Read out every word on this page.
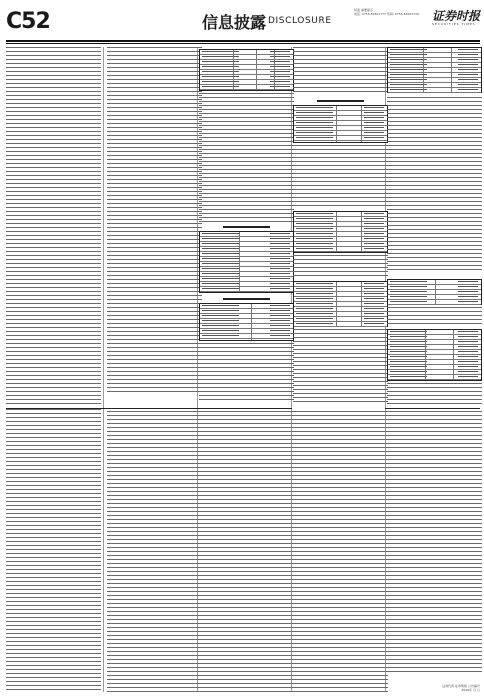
C52	信息披露 DISCLOSURE
版面 重要提示
电话: 0755-83501777 传真: 0755-83501736	证券时报
SECURITIES TIMES
证券代码 证券简称 公告编号
2020年 月 日
